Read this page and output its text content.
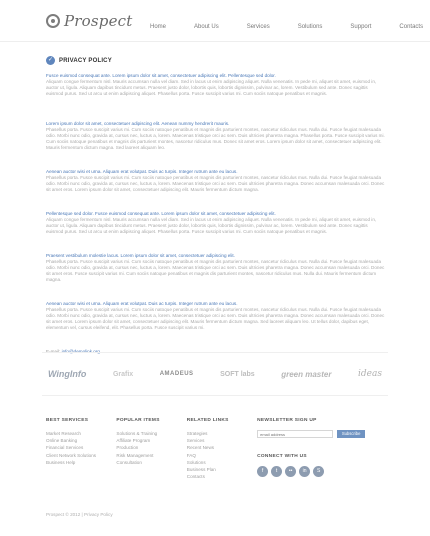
Prospect	Home	About Us	Services	Solutions	Support	Contacts
✓ PRIVACY POLICY
Fusce euismod consequat ante. Lorem ipsum dolor sit amet, consectetuer adipiscing elit. Pellentesque sed dolor.
Aliquam congue fermentum nisl. Mauris accumsan nulla vel diam. Sed in lacus ut enim adipiscing aliquet. Nulla venenatis. In pede mi, aliquet sit amet, euismod in, auctor ut, ligula. Aliquam dapibus tincidunt metus. Praesent justo dolor, lobortis quis, lobortis dignissim, pulvinar ac, lorem. Vestibulum sed ante. Donec sagittis euismod purus. Sed ut arcu ut enim adipiscing aliquet. Phasellus porta. Fusce suscipit varius mi. Cum sociis natoque penatibus et magnis.
Lorem ipsum dolor sit amet, consectetuer adipiscing elit. Aenean nummy hendrerit mauris.
Phasellus porta. Fusce suscipit varius mi. Cum sociis natoque penatibus et magnis dis parturient montes, nascetur ridiculus mus. Nulla dui. Fusce feugiat malesuada odio. Morbi nunc odio, gravida at, cursus nec, luctus a, lorem. Maecenas tristique orci ac sem. Duis ultricies pharetra magna. Phasellus porta. Fusce suscipit varius mi. Cum sociis natoque penatibus et magnis dis parturient montes, nascetur ridiculus mus. Donec sit amet eros. Lorem ipsum dolor sit amet, consectetuer adipiscing elit. Mauris fermentum dictum magna. Sed laoreet aliquam leo.
Aenean auctor wisi et urna. Aliquam erat volutpat. Duis ac turpis. Integer rutrum ante eu lacus.
Phasellus porta. Fusce suscipit varius mi. Cum sociis natoque penatibus et magnis dis parturient montes, nascetur ridiculus mus. Nulla dui. Fusce feugiat malesuada odio. Morbi nunc odio, gravida at, cursus nec, luctus a, lorem. Maecenas tristique orci ac sem. Duis ultricies pharetra magna. Donec accumsan malesuada orci. Donec sit amet eros. Lorem ipsum dolor sit amet, consectetuer adipiscing elit. Mauris fermentum dictum magna.
Pellentesque sed dolor. Fusce euismod consequat ante. Lorem ipsum dolor sit amet, consectetuer adipiscing elit.
Aliquam congue fermentum nisl. Mauris accumsan nulla vel diam. Sed in lacus ut enim adipiscing aliquet. Nulla venenatis. In pede mi, aliquet sit amet, euismod in, auctor ut, ligula. Aliquam dapibus tincidunt metus. Praesent justo dolor, lobortis quis, lobortis dignissim, pulvinar ac, lorem. Vestibulum sed ante. Donec sagittis euismod purus. Sed ut arcu ut enim adipiscing aliquet. Phasellus porta. Fusce suscipit varius mi. Cum sociis natoque penatibus et magnis.
Praesent vestibulum molestie lacus. Lorem ipsum dolor sit amet, consectetuer adipiscing elit.
Phasellus porta. Fusce suscipit varius mi. Cum sociis natoque penatibus et magnis dis parturient montes, nascetur ridiculus mus. Nulla dui. Fusce feugiat malesuada odio. Morbi nunc odio, gravida at, cursus nec, luctus a, lorem. Maecenas tristique orci ac sem. Duis ultricies pharetra magna. Donec accumsan malesuada orci. Donec sit amet eros. Fusce suscipit varius mi. Cum sociis natoque penatibus et magnis dis parturient montes, nascetur ridiculus mus. Nulla dui. Mauris fermentum dictum magna.
Aenean auctor wisi et urna. Aliquam erat volutpat. Duis ac turpis. Integer rutrum ante eu lacus.
Phasellus porta. Fusce suscipit varius mi. Cum sociis natoque penatibus et magnis dis parturient montes, nascetur ridiculus mus. Nulla dui. Fusce feugiat malesuada odio. Morbi nunc odio, gravida at, cursus nec, luctus a, lorem. Maecenas tristique orci ac sem. Duis ultricies pharetra magna. Donec accumsan malesuada orci. Donec sit amet eros. Lorem ipsum dolor sit amet, consectetuer adipiscing elit. Mauris fermentum dictum magna. Sed laoreet aliquam leo. Ut tellus dolor, dapibus eget, elementum vel, cursus eleifend, elit. Phasellus porta. Fusce suscipit varius mi.
E-mail: info@demolink.org
WingInfo	Grafix	AMADEUS	SOFT labs	green master	ideas
BEST SERVICES
Market Research
Online Banking
Financial Services
Client Network Solutions
Business Help
POPULAR ITEMS
Solutions & Training
Affiliate Program
Production
Risk Management
Consultation
RELATED LINKS
Strategies
Services
Recent News
FAQ
Solutions
Business Plan
Contacts
NEWSLETTER SIGN UP
email address
Subscribe
CONNECT WITH US
f	t	••	in	S
Prospect © 2012 | Privacy Policy
